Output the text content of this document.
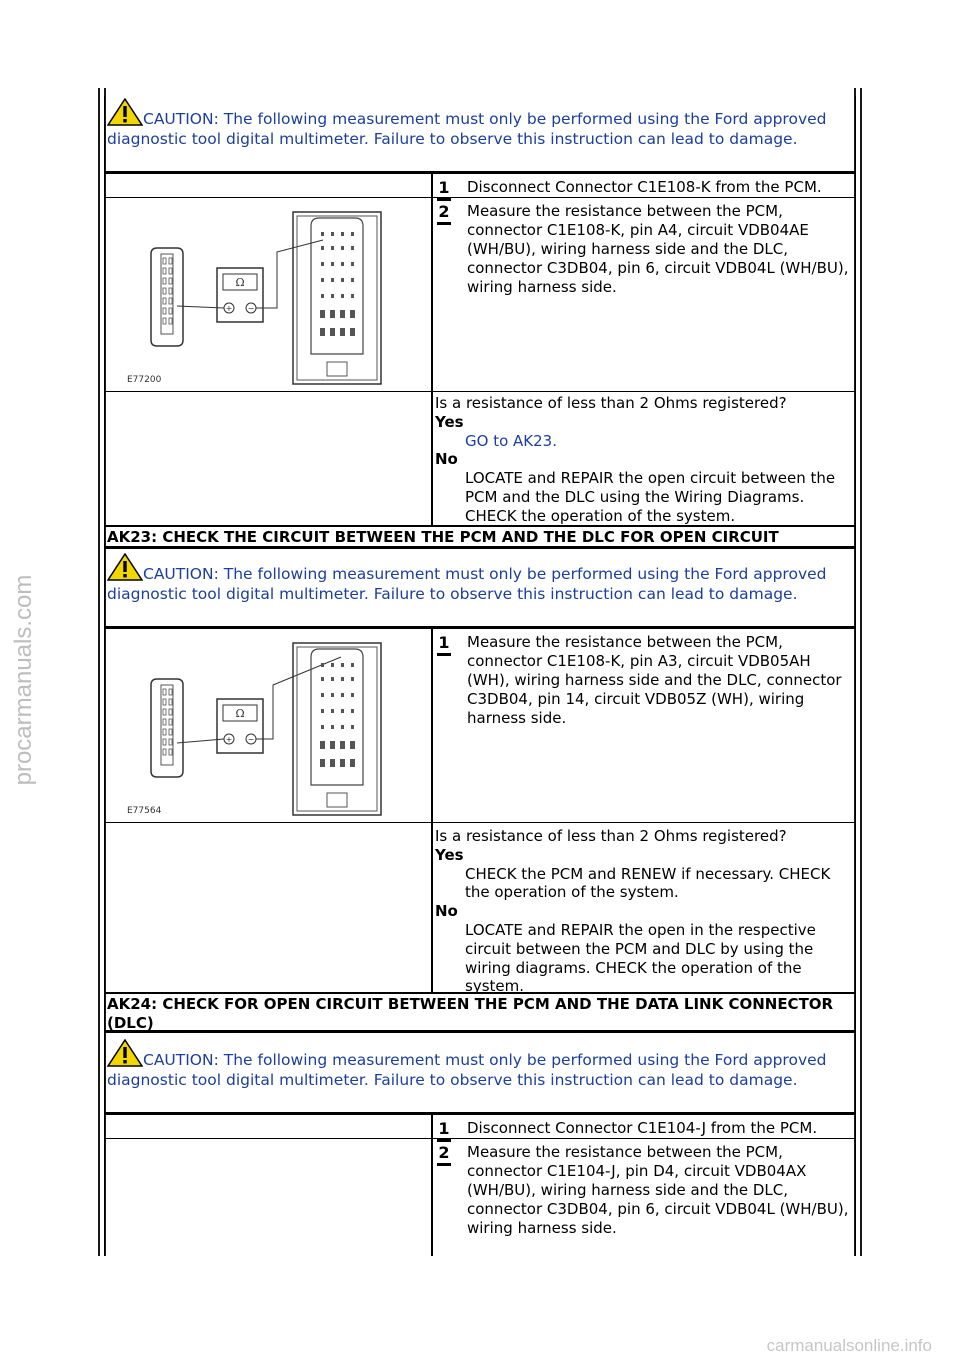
procarmanuals.com
carmanualsonline.info
CAUTION: The following measurement must only be performed using the Ford approved diagnostic tool digital multimeter. Failure to observe this instruction can lead to damage.
1 Disconnect Connector C1E108-K from the PCM.
Ω
+ −
E77200
2 Measure the resistance between the PCM, connector C1E108-K, pin A4, circuit VDB04AE (WH/BU), wiring harness side and the DLC, connector C3DB04, pin 6, circuit VDB04L (WH/BU), wiring harness side.
Is a resistance of less than 2 Ohms registered?
Yes
GO to AK23.
No
LOCATE and REPAIR the open circuit between the PCM and the DLC using the Wiring Diagrams. CHECK the operation of the system.
AK23: CHECK THE CIRCUIT BETWEEN THE PCM AND THE DLC FOR OPEN CIRCUIT
CAUTION: The following measurement must only be performed using the Ford approved diagnostic tool digital multimeter. Failure to observe this instruction can lead to damage.
Ω
+ −
E77564
1 Measure the resistance between the PCM, connector C1E108-K, pin A3, circuit VDB05AH (WH), wiring harness side and the DLC, connector C3DB04, pin 14, circuit VDB05Z (WH), wiring harness side.
Is a resistance of less than 2 Ohms registered?
Yes
CHECK the PCM and RENEW if necessary. CHECK the operation of the system.
No
LOCATE and REPAIR the open in the respective circuit between the PCM and DLC by using the wiring diagrams. CHECK the operation of the system.
AK24: CHECK FOR OPEN CIRCUIT BETWEEN THE PCM AND THE DATA LINK CONNECTOR (DLC)
CAUTION: The following measurement must only be performed using the Ford approved diagnostic tool digital multimeter. Failure to observe this instruction can lead to damage.
1 Disconnect Connector C1E104-J from the PCM.
2 Measure the resistance between the PCM, connector C1E104-J, pin D4, circuit VDB04AX (WH/BU), wiring harness side and the DLC, connector C3DB04, pin 6, circuit VDB04L (WH/BU), wiring harness side.
